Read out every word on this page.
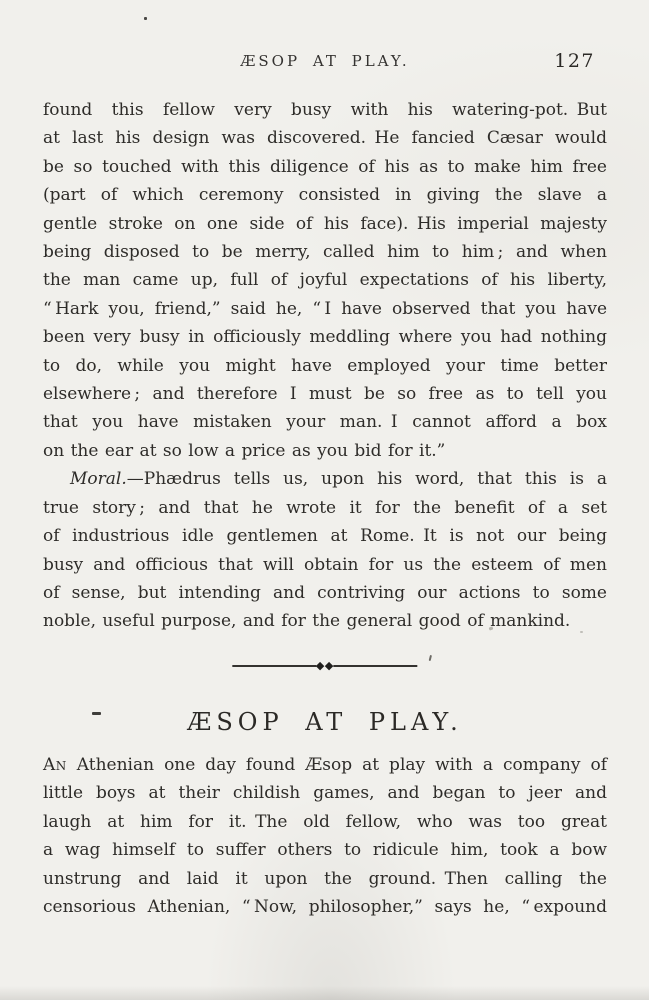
ÆSOP AT PLAY.	127
found this fellow very busy with his watering-pot. But
at last his design was discovered. He fancied Cæsar would
be so touched with this diligence of his as to make him free
(part of which ceremony consisted in giving the slave a
gentle stroke on one side of his face). His imperial majesty
being disposed to be merry, called him to him ; and when
the man came up, full of joyful expectations of his liberty,
“ Hark you, friend,” said he, “ I have observed that you have
been very busy in officiously meddling where you had nothing
to do, while you might have employed your time better
elsewhere ; and therefore I must be so free as to tell you
that you have mistaken your man. I cannot afford a box
on the ear at so low a price as you bid for it.”
Moral.—Phædrus tells us, upon his word, that this is a
true story ; and that he wrote it for the benefit of a set
of industrious idle gentlemen at Rome. It is not our being
busy and officious that will obtain for us the esteem of men
of sense, but intending and contriving our actions to some
noble, useful purpose, and for the general good of mankind.
ÆSOP AT PLAY.
An Athenian one day found Æsop at play with a company of
little boys at their childish games, and began to jeer and
laugh at him for it. The old fellow, who was too great
a wag himself to suffer others to ridicule him, took a bow
unstrung and laid it upon the ground. Then calling the
censorious Athenian, “ Now, philosopher,” says he, “ expound
